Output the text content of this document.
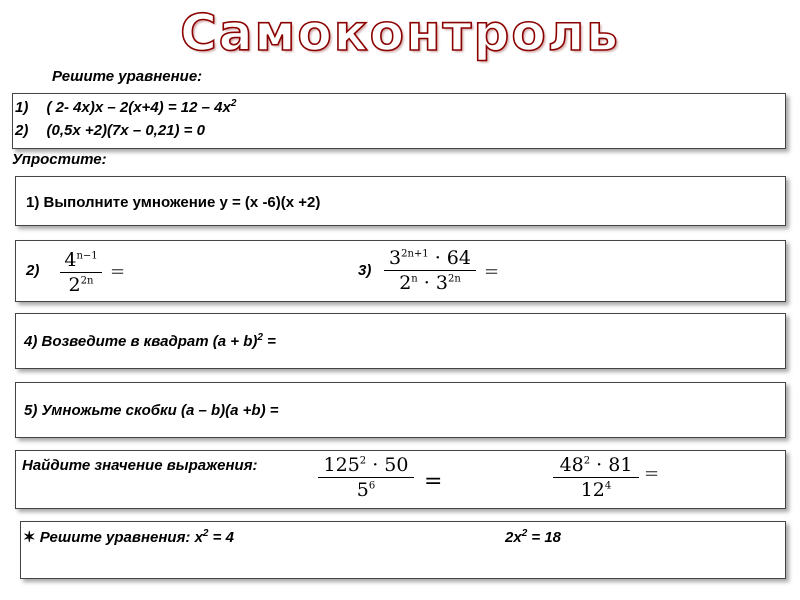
Самоконтроль
Решите уравнение:
1) ( 2- $4x)x - 2(x+4) = 12 - 4x^2$
2) (0,5x +2)(7x – 0,21) = 0
Упростите:
1) Выполните умножение y = (x -6)(x +2)
2) $4^{n-1}$
$2^{2n}$ =	3)
$3^{2n+1} \cdot 64$
$2^n \cdot 3^{2n}$	=
4) Возведите в квадрат $(a + b)^2$ =
5) Умножьте скобки (a – b)(a +b) =
Найдите значение выражения:	$125^2 \cdot 50$
$5^6$	=
$48^2 \cdot 81$
$12^4$
=
✶ Решите уравнения: $x^2 = 4$	$2x^2 = 18$
